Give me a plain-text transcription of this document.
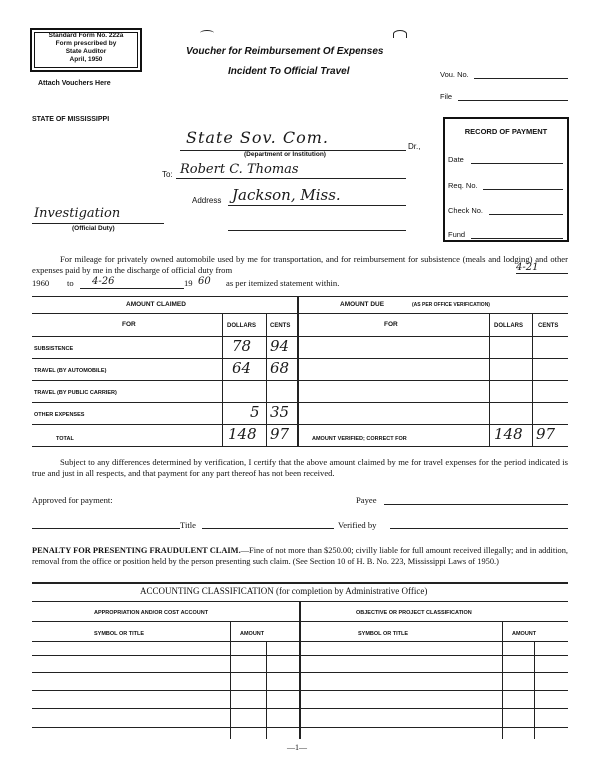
Standard Form No. 222a
Form prescribed by
State Auditor
April, 1950
Attach Vouchers Here
Voucher for Reimbursement Of Expenses
Incident To Official Travel	Vou. No.
File
STATE OF MISSISSIPPI
RECORD OF PAYMENT
Date
Req. No.
Check No.
Fund
State Sov. Com.	Dr.,
(Department or Institution)
To: Robert C. Thomas
Address Jackson, Miss.
Investigation
(Official Duty)

For mileage for privately owned automobile used by me for transportation, and for reimbursement for subsistence (meals and lodging) and other expenses paid by me in the discharge of official duty from	4-21
1960 to 4-26	19 60 as per itemized statement within.
AMOUNT CLAIMED
FOR	DOLLARS CENTS
AMOUNT DUE	(AS PER OFFICE VERIFICATION)
FOR	DOLLARS	CENTS
SUBSISTENCE	78 94
TRAVEL (BY AUTOMOBILE)	64 68
TRAVEL (BY PUBLIC CARRIER)
OTHER EXPENSES	5 35
TOTAL	148 97	AMOUNT VERIFIED; CORRECT FOR	148 97

Subject to any differences determined by verification, I certify that the above amount claimed by me for travel expenses for the period indicated is true and just in all respects, and that payment for any part thereof has not been received.

Approved for payment:	Payee
Title	Verified by

PENALTY FOR PRESENTING FRAUDULENT CLAIM.—Fine of not more than $250.00; civilly liable for full amount received illegally; and in addition, removal from the office or position held by the person presenting such claim. (See Section 10 of H. B. No. 223, Mississippi Laws of 1950.)

ACCOUNTING CLASSIFICATION (for completion by Administrative Office)
APPROPRIATION AND/OR COST ACCOUNT	OBJECTIVE OR PROJECT CLASSIFICATION
SYMBOL OR TITLE	AMOUNT	SYMBOL OR TITLE	AMOUNT
—1—
